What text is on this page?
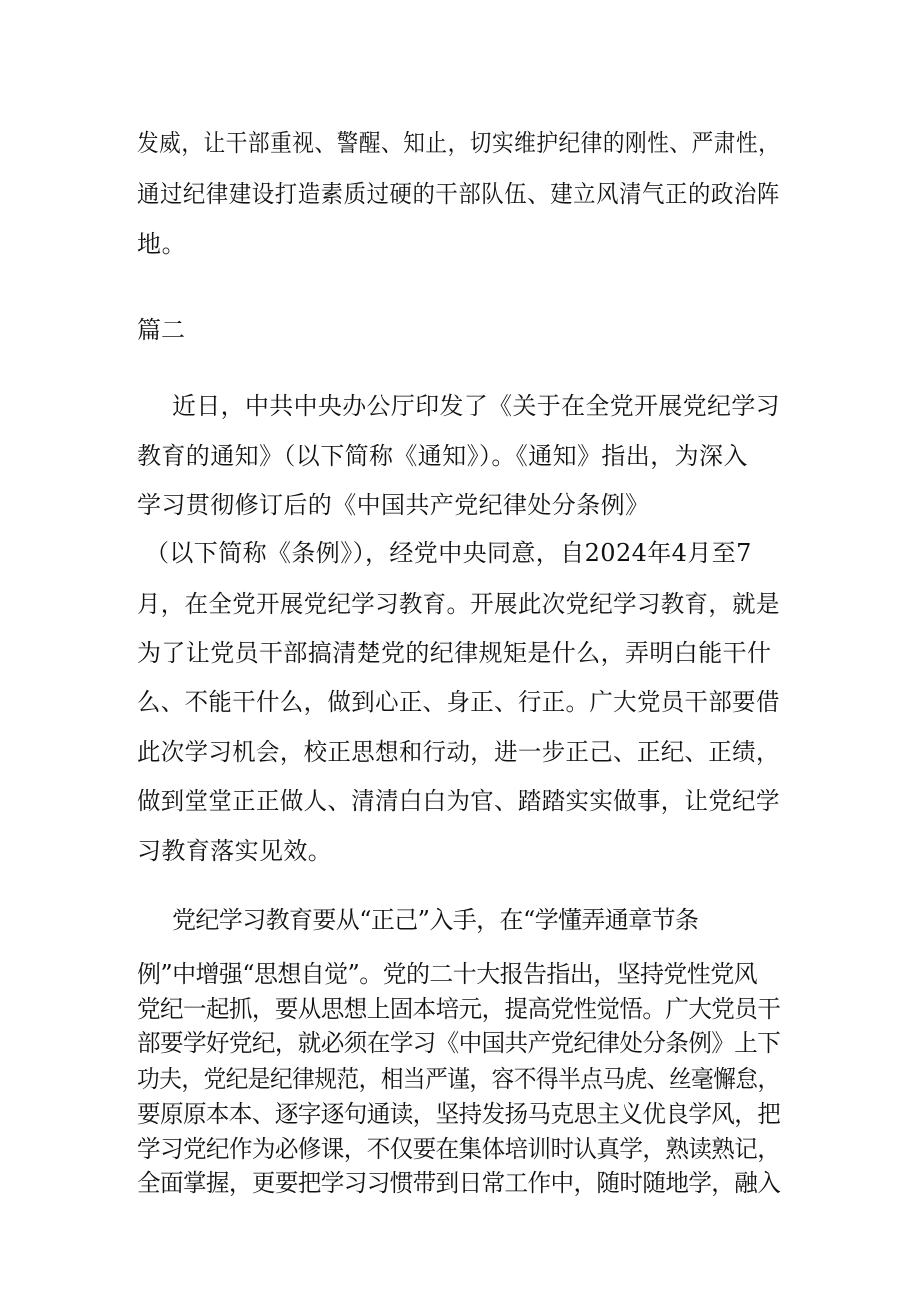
发威，让干部重视、警醒、知止，切实维护纪律的刚性、严肃性，
通过纪律建设打造素质过硬的干部队伍、建立风清气正的政治阵
地。
篇二
近日，中共中央办公厅印发了《关于在全党开展党纪学习
教育的通知》（以下简称《通知》）。《通知》指出，为深入
学习贯彻修订后的《中国共产党纪律处分条例》
（以下简称《条例》），经党中央同意，自2024年4月至7
月，在全党开展党纪学习教育。开展此次党纪学习教育，就是
为了让党员干部搞清楚党的纪律规矩是什么，弄明白能干什
么、不能干什么，做到心正、身正、行正。广大党员干部要借
此次学习机会，校正思想和行动，进一步正己、正纪、正绩，
做到堂堂正正做人、清清白白为官、踏踏实实做事，让党纪学
习教育落实见效。
党纪学习教育要从“正己”入手，在“学懂弄通章节条
例”中增强“思想自觉”。党的二十大报告指出，坚持党性党风
党纪一起抓，要从思想上固本培元，提高党性觉悟。广大党员干
部要学好党纪，就必须在学习《中国共产党纪律处分条例》上下
功夫，党纪是纪律规范，相当严谨，容不得半点马虎、丝毫懈怠，
要原原本本、逐字逐句通读，坚持发扬马克思主义优良学风，把
学习党纪作为必修课，不仅要在集体培训时认真学，熟读熟记，
全面掌握，更要把学习习惯带到日常工作中，随时随地学，融入
